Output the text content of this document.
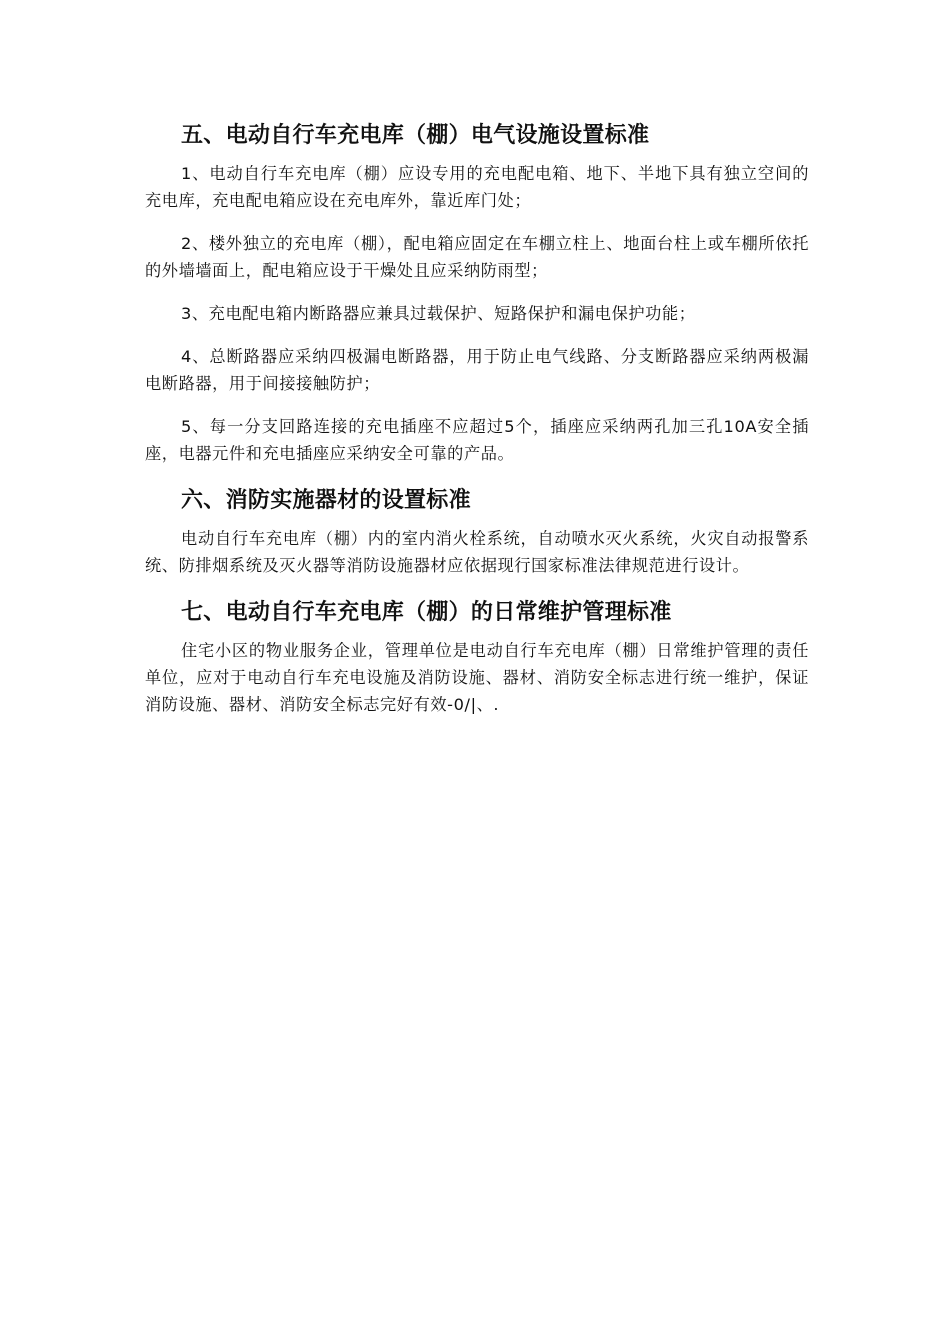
五、电动自行车充电库（棚）电气设施设置标准

1、电动自行车充电库（棚）应设专用的充电配电箱、地下、半地下具有独立空间的充电库，充电配电箱应设在充电库外，靠近库门处；

2、楼外独立的充电库（棚），配电箱应固定在车棚立柱上、地面台柱上或车棚所依托的外墙墙面上，配电箱应设于干燥处且应采纳防雨型；

3、充电配电箱内断路器应兼具过载保护、短路保护和漏电保护功能；

4、总断路器应采纳四极漏电断路器，用于防止电气线路、分支断路器应采纳两极漏电断路器，用于间接接触防护；

5、每一分支回路连接的充电插座不应超过5个，插座应采纳两孔加三孔10A安全插座，电器元件和充电插座应采纳安全可靠的产品。

六、消防实施器材的设置标准

电动自行车充电库（棚）内的室内消火栓系统，自动喷水灭火系统，火灾自动报警系统、防排烟系统及灭火器等消防设施器材应依据现行国家标准法律规范进行设计。

七、电动自行车充电库（棚）的日常维护管理标准

住宅小区的物业服务企业，管理单位是电动自行车充电库（棚）日常维护管理的责任单位，应对于电动自行车充电设施及消防设施、器材、消防安全标志进行统一维护，保证消防设施、器材、消防安全标志完好有效-0/|、.
